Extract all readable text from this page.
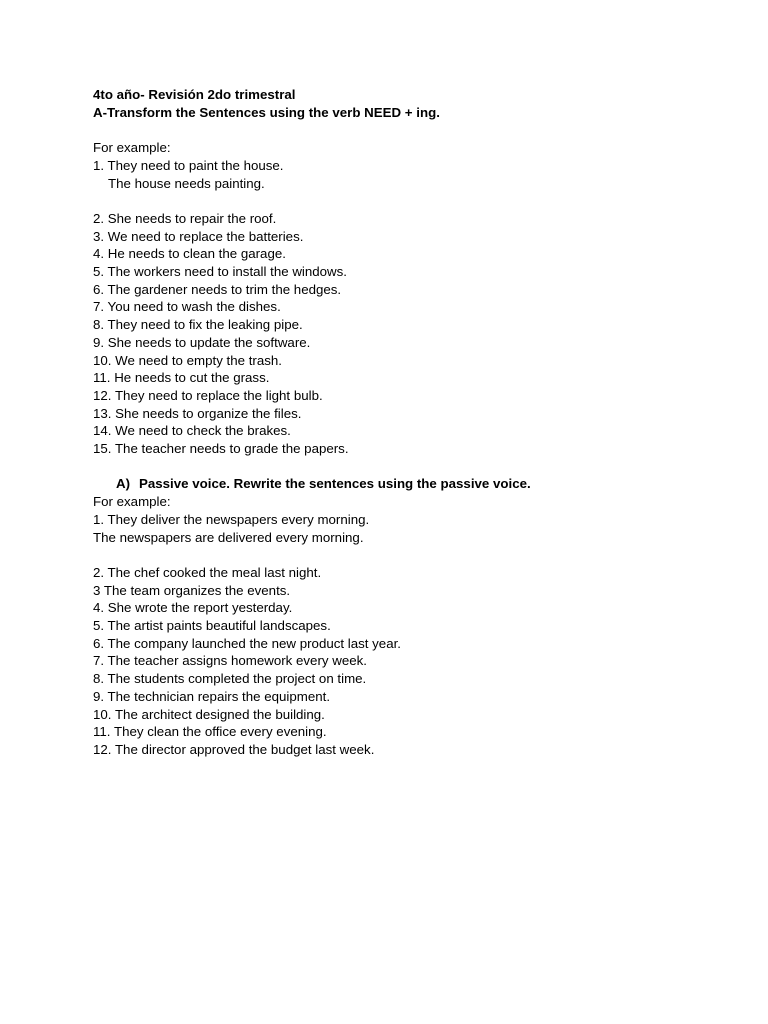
4to año- Revisión 2do trimestral
A-Transform the Sentences using the verb NEED + ing.
For example:
1. They need to paint the house.
The house needs painting.
2. She needs to repair the roof.
3. We need to replace the batteries.
4. He needs to clean the garage.
5. The workers need to install the windows.
6. The gardener needs to trim the hedges.
7. You need to wash the dishes.
8. They need to fix the leaking pipe.
9. She needs to update the software.
10. We need to empty the trash.
11. He needs to cut the grass.
12. They need to replace the light bulb.
13. She needs to organize the files.
14. We need to check the brakes.
15. The teacher needs to grade the papers.
A) Passive voice. Rewrite the sentences using the passive voice.
For example:
1. They deliver the newspapers every morning.
The newspapers are delivered every morning.
2. The chef cooked the meal last night.
3 The team organizes the events.
4. She wrote the report yesterday.
5. The artist paints beautiful landscapes.
6. The company launched the new product last year.
7. The teacher assigns homework every week.
8. The students completed the project on time.
9. The technician repairs the equipment.
10. The architect designed the building.
11. They clean the office every evening.
12. The director approved the budget last week.
